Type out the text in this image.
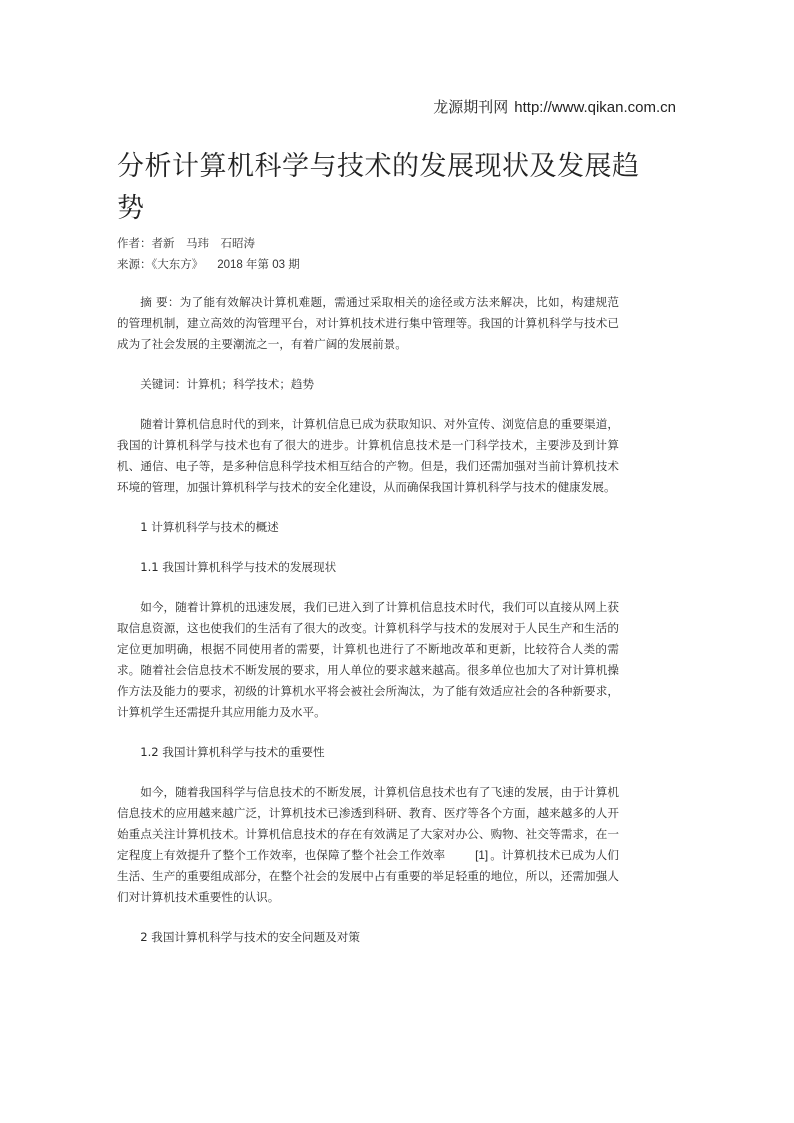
龙源期刊网 http://www.qikan.com.cn
分析计算机科学与技术的发展现状及发展趋势
作者：者新　马玮　石昭涛
来源：《大东方》 2018 年第 03 期

摘 要：为了能有效解决计算机难题，需通过采取相关的途径或方法来解决，比如，构建规范的管理机制，建立高效的沟管理平台，对计算机技术进行集中管理等。我国的计算机科学与技术已成为了社会发展的主要潮流之一，有着广阔的发展前景。

关键词：计算机；科学技术；趋势

随着计算机信息时代的到来，计算机信息已成为获取知识、对外宣传、浏览信息的重要渠道，我国的计算机科学与技术也有了很大的进步。计算机信息技术是一门科学技术，主要涉及到计算机、通信、电子等，是多种信息科学技术相互结合的产物。但是，我们还需加强对当前计算机技术环境的管理，加强计算机科学与技术的安全化建设，从而确保我国计算机科学与技术的健康发展。

1 计算机科学与技术的概述

1.1 我国计算机科学与技术的发展现状

如今，随着计算机的迅速发展，我们已进入到了计算机信息技术时代，我们可以直接从网上获取信息资源，这也使我们的生活有了很大的改变。计算机科学与技术的发展对于人民生产和生活的定位更加明确，根据不同使用者的需要，计算机也进行了不断地改革和更新，比较符合人类的需求。随着社会信息技术不断发展的要求，用人单位的要求越来越高。很多单位也加大了对计算机操作方法及能力的要求，初级的计算机水平将会被社会所淘汰，为了能有效适应社会的各种新要求，计算机学生还需提升其应用能力及水平。

1.2 我国计算机科学与技术的重要性

如今，随着我国科学与信息技术的不断发展，计算机信息技术也有了飞速的发展，由于计算机信息技术的应用越来越广泛，计算机技术已渗透到科研、教育、医疗等各个方面，越来越多的人开始重点关注计算机技术。计算机信息技术的存在有效满足了大家对办公、购物、社交等需求，在一定程度上有效提升了整个工作效率，也保障了整个社会工作效率	[1] 。计算机技术已成为人们生活、生产的重要组成部分，在整个社会的发展中占有重要的举足轻重的地位，所以，还需加强人们对计算机技术重要性的认识。

2 我国计算机科学与技术的安全问题及对策
